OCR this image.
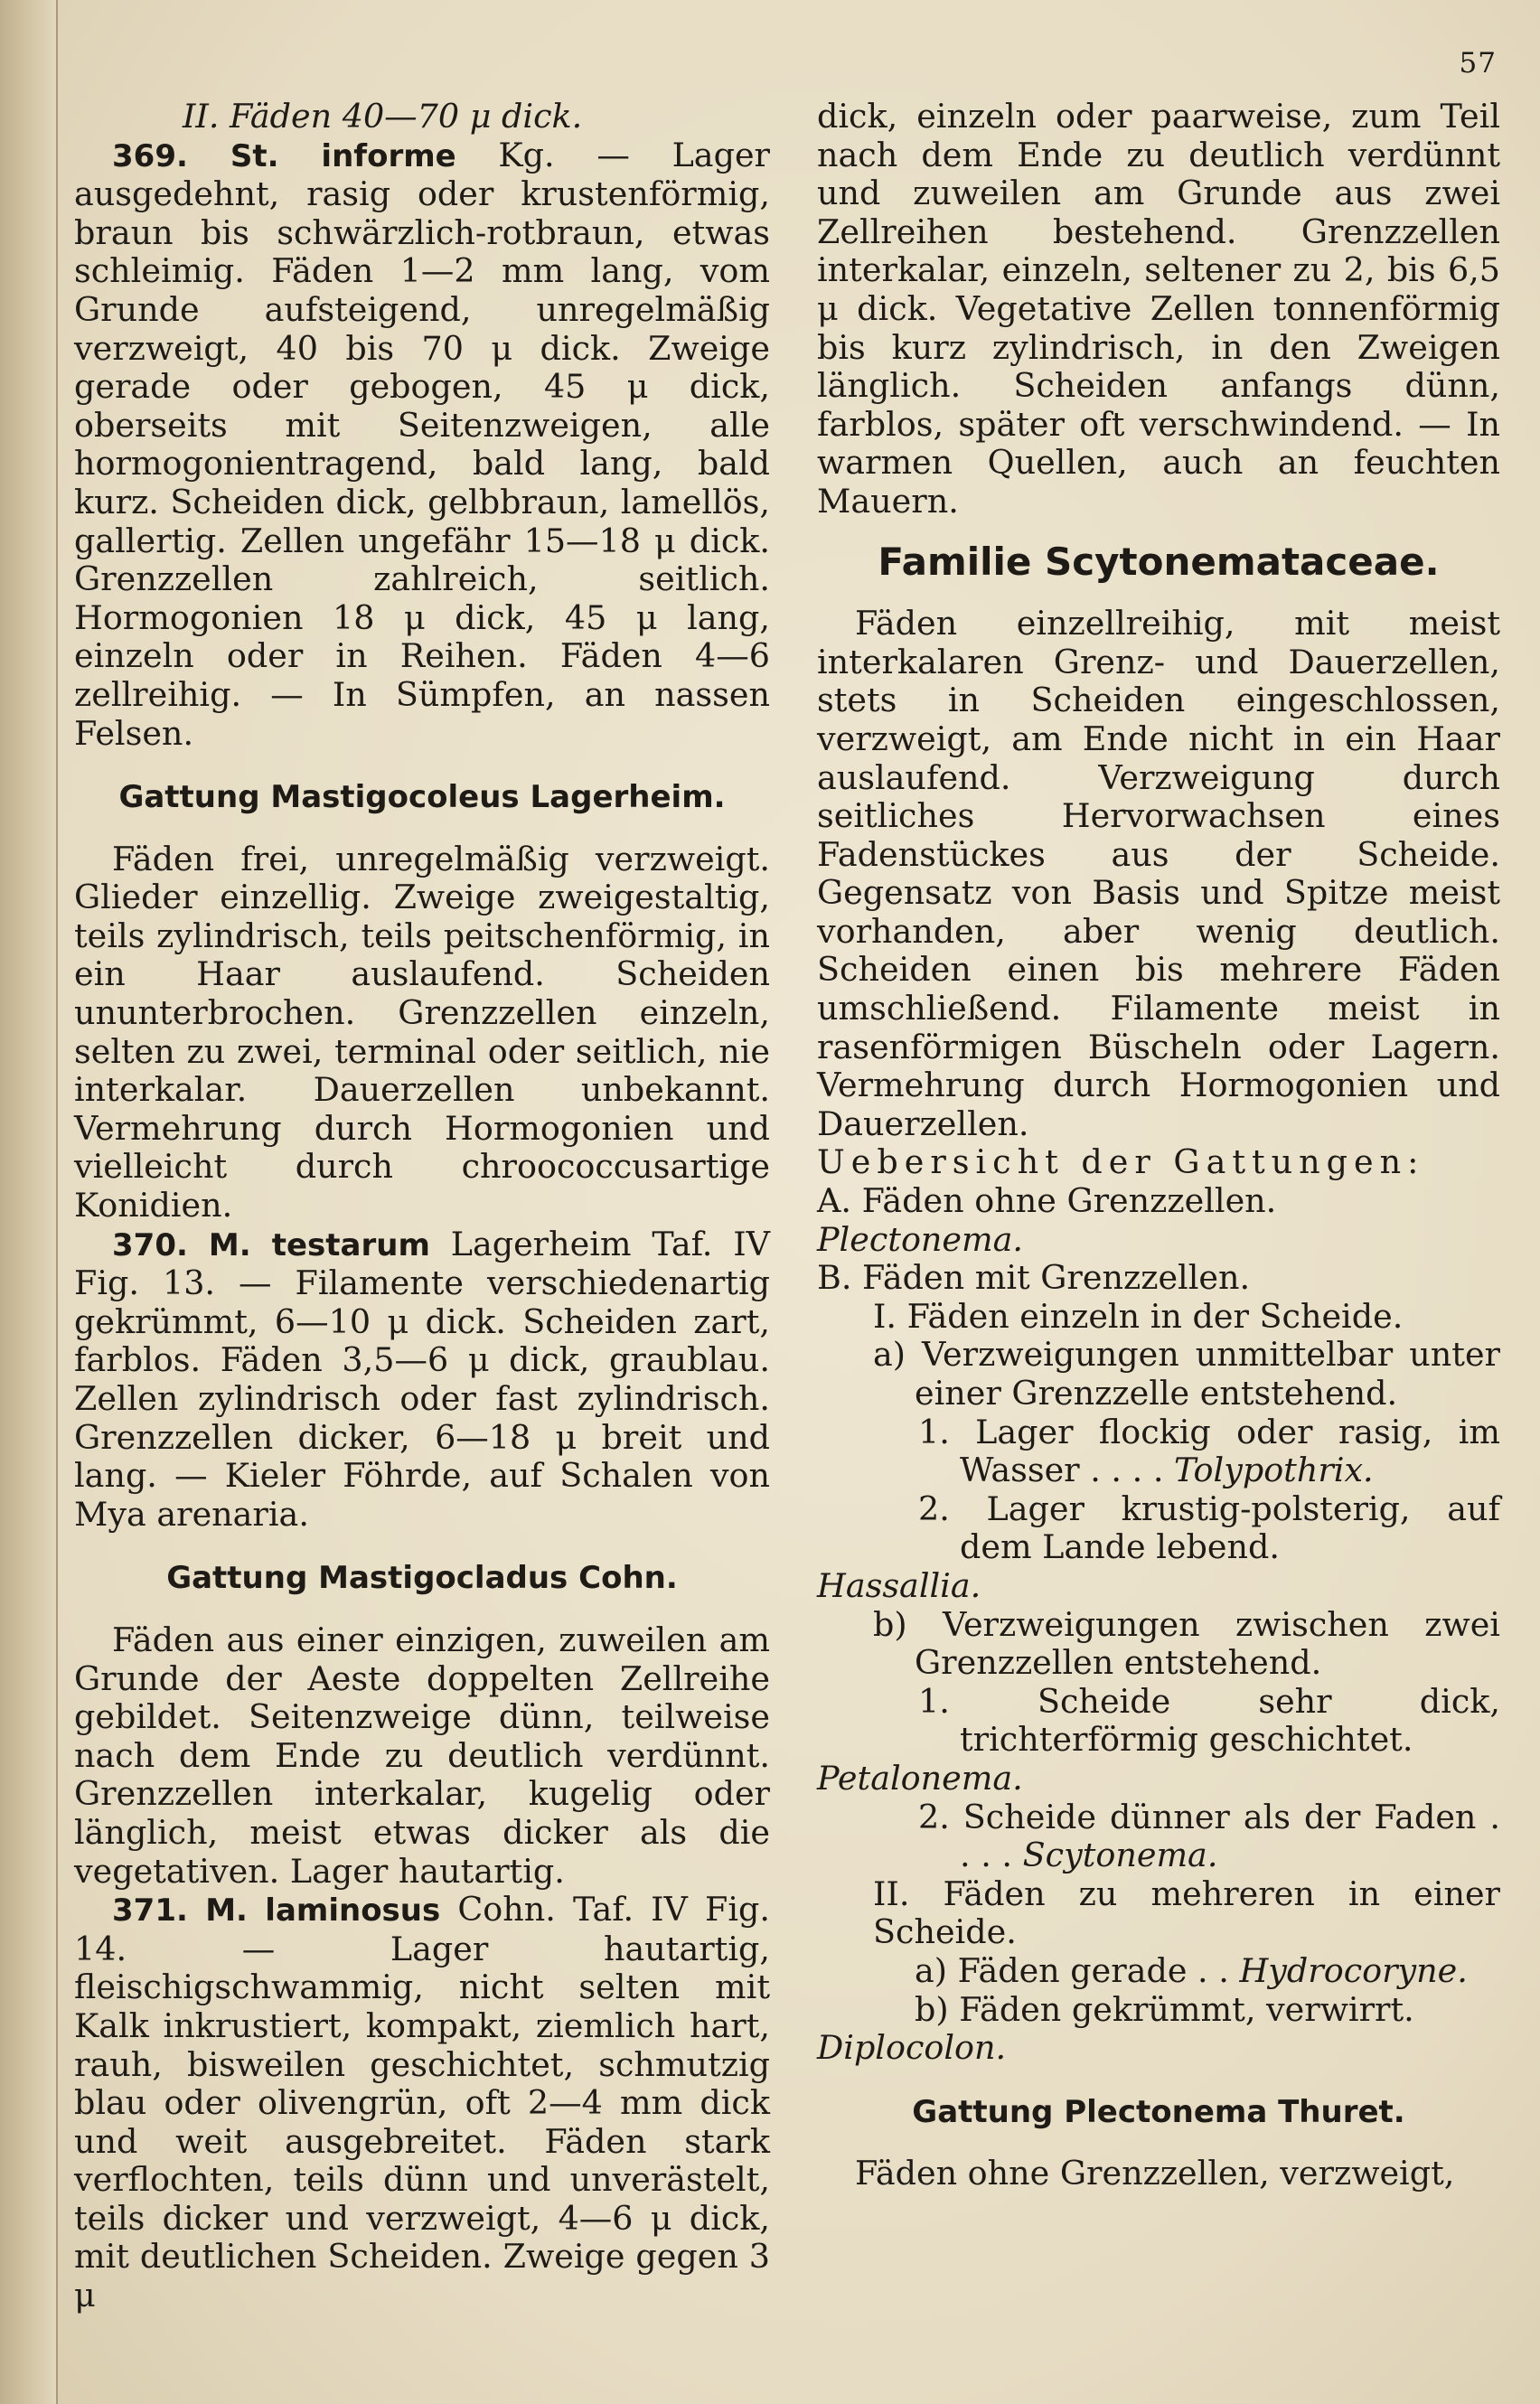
57

II. Fäden 40—70 μ dick.

369. St. informe Kg. — Lager ausgedehnt, rasig oder krustenförmig, braun bis schwärzlich-rotbraun, etwas schleimig. Fäden 1—2 mm lang, vom Grunde aufsteigend, unregelmäßig verzweigt, 40 bis 70 μ dick. Zweige gerade oder gebogen, 45 μ dick, oberseits mit Seitenzweigen, alle hormogonientragend, bald lang, bald kurz. Scheiden dick, gelbbraun, lamellös, gallertig. Zellen ungefähr 15—18 μ dick. Grenzzellen zahlreich, seitlich. Hormogonien 18 μ dick, 45 μ lang, einzeln oder in Reihen. Fäden 4—6 zellreihig. — In Sümpfen, an nassen Felsen.

Gattung Mastigocoleus Lagerheim.

Fäden frei, unregelmäßig verzweigt. Glieder einzellig. Zweige zweigestaltig, teils zylindrisch, teils peitschenförmig, in ein Haar auslaufend. Scheiden ununterbrochen. Grenzzellen einzeln, selten zu zwei, terminal oder seitlich, nie interkalar. Dauerzellen unbekannt. Vermehrung durch Hormogonien und vielleicht durch chroococcusartige Konidien.

370. M. testarum Lagerheim Taf. IV Fig. 13. — Filamente verschiedenartig gekrümmt, 6—10 μ dick. Scheiden zart, farblos. Fäden 3,5—6 μ dick, graublau. Zellen zylindrisch oder fast zylindrisch. Grenzzellen dicker, 6—18 μ breit und lang. — Kieler Föhrde, auf Schalen von Mya arenaria.

Gattung Mastigocladus Cohn.

Fäden aus einer einzigen, zuweilen am Grunde der Aeste doppelten Zellreihe gebildet. Seitenzweige dünn, teilweise nach dem Ende zu deutlich verdünnt. Grenzzellen interkalar, kugelig oder länglich, meist etwas dicker als die vegetativen. Lager hautartig.

371. M. laminosus Cohn. Taf. IV Fig. 14. — Lager hautartig, fleischigschwammig, nicht selten mit Kalk inkrustiert, kompakt, ziemlich hart, rauh, bisweilen geschichtet, schmutzig blau oder olivengrün, oft 2—4 mm dick und weit ausgebreitet. Fäden stark verflochten, teils dünn und unverästelt, teils dicker und verzweigt, 4—6 μ dick, mit deutlichen Scheiden. Zweige gegen 3 μ

dick, einzeln oder paarweise, zum Teil nach dem Ende zu deutlich verdünnt und zuweilen am Grunde aus zwei Zellreihen bestehend. Grenzzellen interkalar, einzeln, seltener zu 2, bis 6,5 μ dick. Vegetative Zellen tonnenförmig bis kurz zylindrisch, in den Zweigen länglich. Scheiden anfangs dünn, farblos, später oft verschwindend. — In warmen Quellen, auch an feuchten Mauern.

Familie Scytonemataceae.

Fäden einzellreihig, mit meist interkalaren Grenz- und Dauerzellen, stets in Scheiden eingeschlossen, verzweigt, am Ende nicht in ein Haar auslaufend. Verzweigung durch seitliches Hervorwachsen eines Fadenstückes aus der Scheide. Gegensatz von Basis und Spitze meist vorhanden, aber wenig deutlich. Scheiden einen bis mehrere Fäden umschließend. Filamente meist in rasenförmigen Büscheln oder Lagern. Vermehrung durch Hormogonien und Dauerzellen.

Uebersicht der Gattungen:

A. Fäden ohne Grenzzellen.

Plectonema.

B. Fäden mit Grenzzellen.

I. Fäden einzeln in der Scheide.

a) Verzweigungen unmittelbar unter einer Grenzzelle entstehend.

1. Lager flockig oder rasig, im Wasser . . . . Tolypothrix.

2. Lager krustig-polsterig, auf dem Lande lebend.

Hassallia.

b) Verzweigungen zwischen zwei Grenzzellen entstehend.

1. Scheide sehr dick, trichterförmig geschichtet.

Petalonema.

2. Scheide dünner als der Faden . . . . Scytonema.

II. Fäden zu mehreren in einer Scheide.

a) Fäden gerade . . Hydrocoryne.

b) Fäden gekrümmt, verwirrt.

Diplocolon.

Gattung Plectonema Thuret.

Fäden ohne Grenzzellen, verzweigt,
